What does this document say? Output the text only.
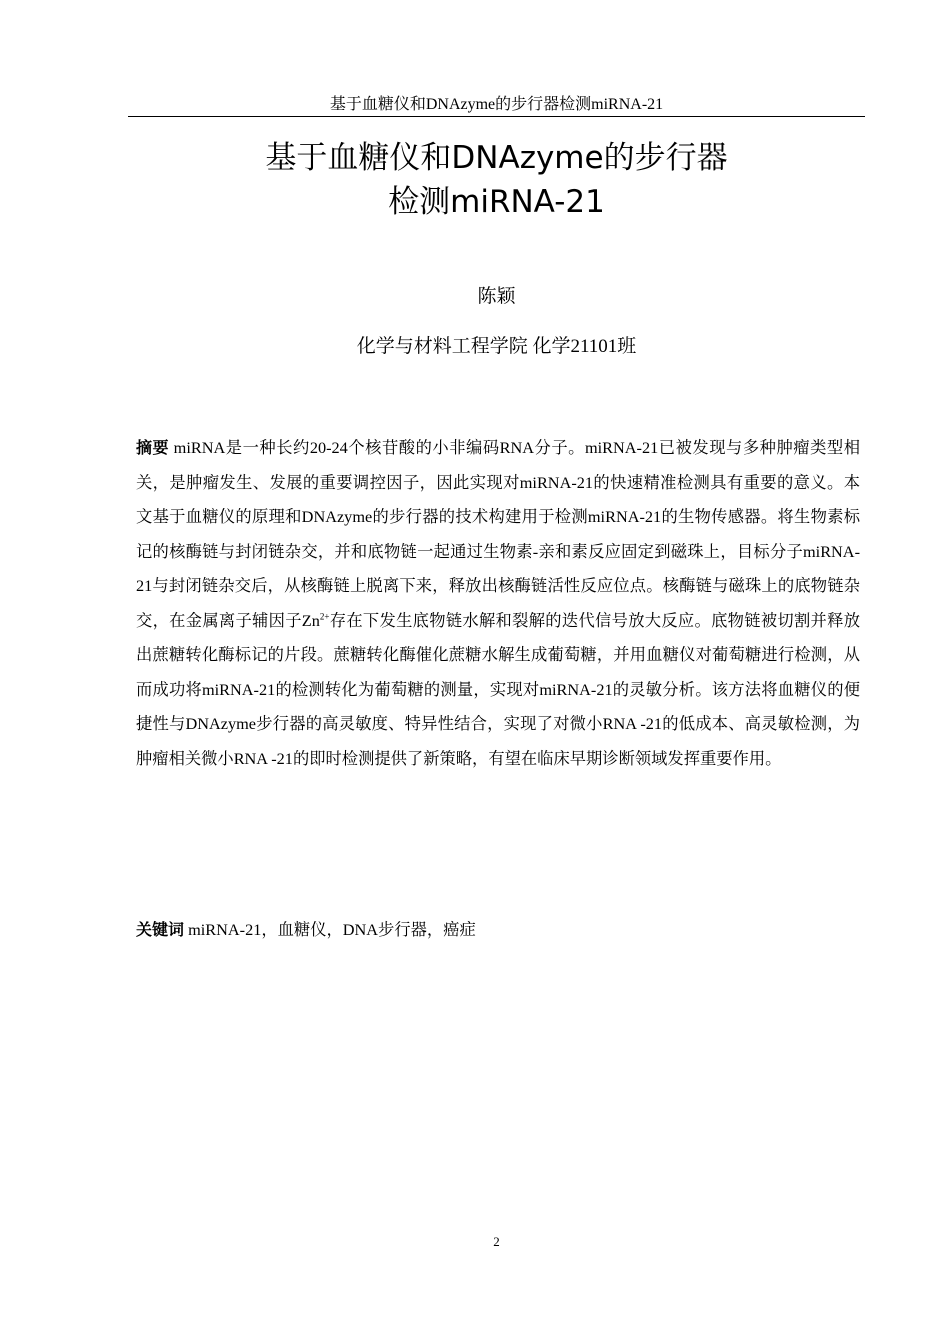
基于血糖仪和DNAzyme的步行器检测miRNA-21
基于血糖仪和DNAzyme的步行器
检测miRNA-21
陈颖
化学与材料工程学院 化学21101班
摘要 miRNA是一种长约20-24个核苷酸的小非编码RNA分子。miRNA-21已被发现与多种肿瘤类型相关，是肿瘤发生、发展的重要调控因子，因此实现对miRNA-21的快速精准检测具有重要的意义。本文基于血糖仪的原理和DNAzyme的步行器的技术构建用于检测miRNA-21的生物传感器。将生物素标记的核酶链与封闭链杂交，并和底物链一起通过生物素-亲和素反应固定到磁珠上，目标分子miRNA-21与封闭链杂交后，从核酶链上脱离下来，释放出核酶链活性反应位点。核酶链与磁珠上的底物链杂交，在金属离子辅因子$Zn^{2+}$存在下发生底物链水解和裂解的迭代信号放大反应。底物链被切割并释放出蔗糖转化酶标记的片段。蔗糖转化酶催化蔗糖水解生成葡萄糖，并用血糖仪对葡萄糖进行检测，从而成功将miRNA-21的检测转化为葡萄糖的测量，实现对miRNA-21的灵敏分析。该方法将血糖仪的便捷性与DNAzyme步行器的高灵敏度、特异性结合，实现了对微小RNA -21的低成本、高灵敏检测，为肿瘤相关微小RNA -21的即时检测提供了新策略，有望在临床早期诊断领域发挥重要作用。
关键词 miRNA-21，血糖仪，DNA步行器，癌症
2
